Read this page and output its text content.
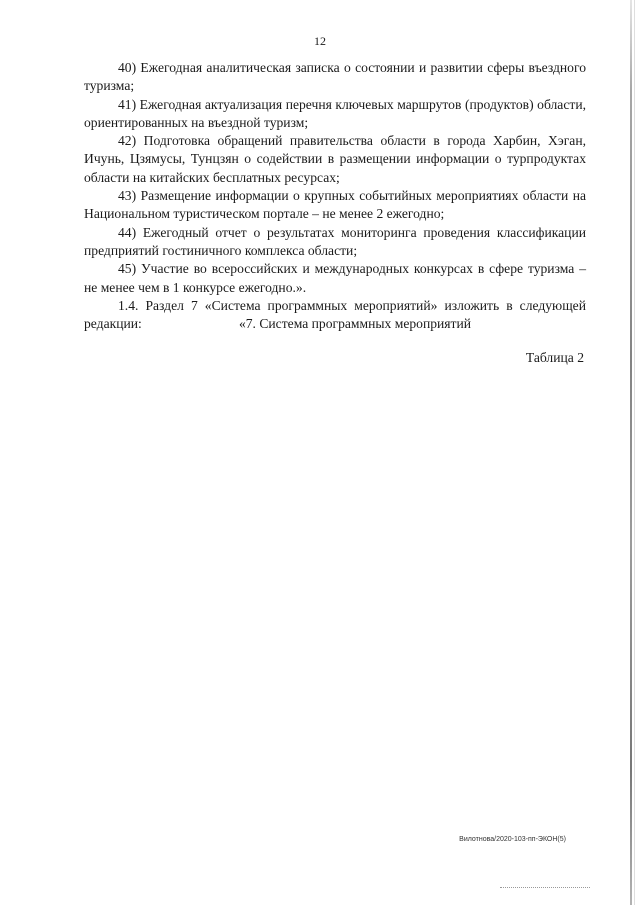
12

40) Ежегодная аналитическая записка о состоянии и развитии сферы въездного туризма;

41) Ежегодная актуализация перечня ключевых маршрутов (продуктов) области, ориентированных на въездной туризм;

42) Подготовка обращений правительства области в города Харбин, Хэган, Ичунь, Цзямусы, Тунцзян о содействии в размещении информации о турпродуктах области на китайских бесплатных ресурсах;

43) Размещение информации о крупных событийных мероприятиях области на Национальном туристическом портале – не менее 2 ежегодно;

44) Ежегодный отчет о результатах мониторинга проведения классификации предприятий гостиничного комплекса области;

45) Участие во всероссийских и международных конкурсах в сфере туризма – не менее чем в 1 конкурсе ежегодно.».

1.4. Раздел 7 «Система программных мероприятий» изложить в следующей редакции:	«7. Система программных мероприятий
Таблица 2
Вилотнова/2020-103-пп-ЭКОН(5)
